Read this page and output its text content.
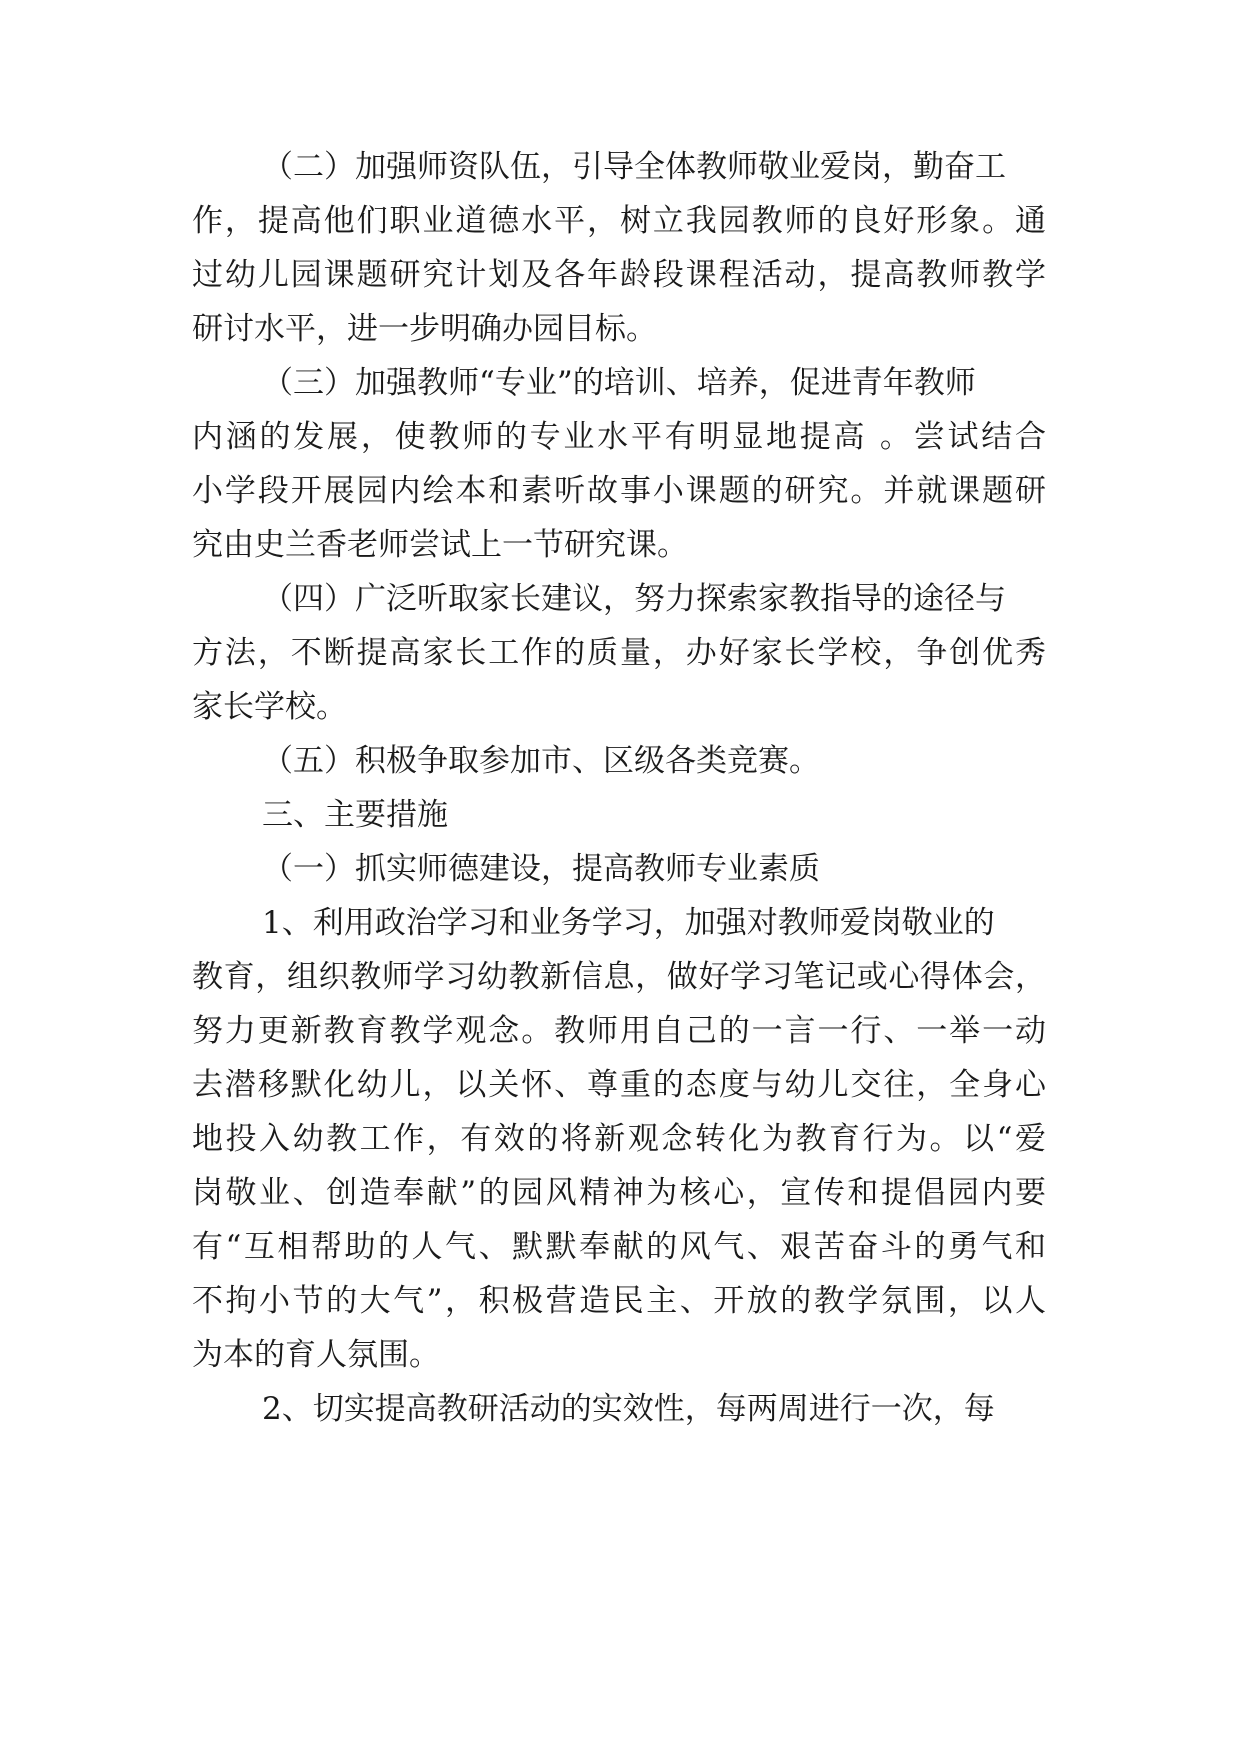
（二）加强师资队伍，引导全体教师敬业爱岗，勤奋工
作，提高他们职业道德水平，树立我园教师的良好形象。通
过幼儿园课题研究计划及各年龄段课程活动，提高教师教学
研讨水平，进一步明确办园目标。
（三）加强教师“专业”的培训、培养，促进青年教师
内涵的发展，使教师的专业水平有明显地提高 。尝试结合
小学段开展园内绘本和素听故事小课题的研究。并就课题研
究由史兰香老师尝试上一节研究课。
（四）广泛听取家长建议，努力探索家教指导的途径与
方法，不断提高家长工作的质量，办好家长学校，争创优秀
家长学校。
（五）积极争取参加市、区级各类竞赛。
三、主要措施
（一）抓实师德建设，提高教师专业素质
1、利用政治学习和业务学习，加强对教师爱岗敬业的
教育，组织教师学习幼教新信息，做好学习笔记或心得体会，
努力更新教育教学观念。教师用自己的一言一行、一举一动
去潜移默化幼儿，以关怀、尊重的态度与幼儿交往，全身心
地投入幼教工作，有效的将新观念转化为教育行为。以“爱
岗敬业、创造奉献”的园风精神为核心，宣传和提倡园内要
有“互相帮助的人气、默默奉献的风气、艰苦奋斗的勇气和
不拘小节的大气”，积极营造民主、开放的教学氛围，以人
为本的育人氛围。
2、切实提高教研活动的实效性，每两周进行一次，每
